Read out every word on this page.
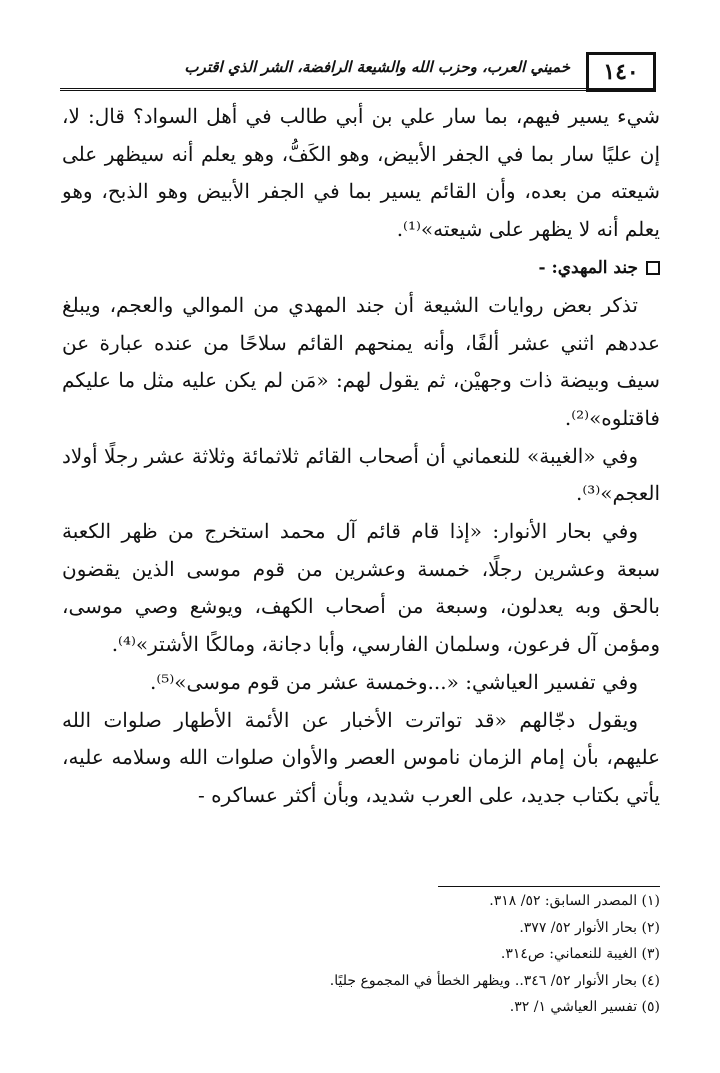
خميني العرب، وحزب الله والشيعة الرافضة، الشر الذي اقترب	١٤٠

شيء يسير فيهم، بما سار علي بن أبي طالب في أهل السواد؟ قال: لا، إن عليًا سار بما في الجفر الأبيض، وهو الكَفُّ، وهو يعلم أنه سيظهر على شيعته من بعده، وأن القائم يسير بما في الجفر الأبيض وهو الذبح، وهو يعلم أنه لا يظهر على شيعته»⁽¹⁾.

جند المهدي: -

تذكر بعض روايات الشيعة أن جند المهدي من الموالي والعجم، ويبلغ عددهم اثني عشر ألفًا، وأنه يمنحهم القائم سلاحًا من عنده عبارة عن سيف وبيضة ذات وجهيْن، ثم يقول لهم: «مَن لم يكن عليه مثل ما عليكم فاقتلوه»⁽²⁾.

وفي «الغيبة» للنعماني أن أصحاب القائم ثلاثمائة وثلاثة عشر رجلًا أولاد العجم»⁽³⁾.

وفي بحار الأنوار: «إذا قام قائم آل محمد استخرج من ظهر الكعبة سبعة وعشرين رجلًا، خمسة وعشرين من قوم موسى الذين يقضون بالحق وبه يعدلون، وسبعة من أصحاب الكهف، ويوشع وصي موسى، ومؤمن آل فرعون، وسلمان الفارسي، وأبا دجانة، ومالكًا الأشتر»⁽⁴⁾.

وفي تفسير العياشي: «...وخمسة عشر من قوم موسى»⁽⁵⁾.

ويقول دجّالهم «قد تواترت الأخبار عن الأئمة الأطهار صلوات الله عليهم، بأن إمام الزمان ناموس العصر والأوان صلوات الله وسلامه عليه، يأتي بكتاب جديد، على العرب شديد، وبأن أكثر عساكره -

(١) المصدر السابق: ٥٢/ ٣١٨.

(٢) بحار الأنوار ٥٢/ ٣٧٧.

(٣) الغيبة للنعماني: ص٣١٤.

(٤) بحار الأنوار ٥٢/ ٣٤٦.. ويظهر الخطأ في المجموع جليًا.

(٥) تفسير العياشي ١/ ٣٢.
